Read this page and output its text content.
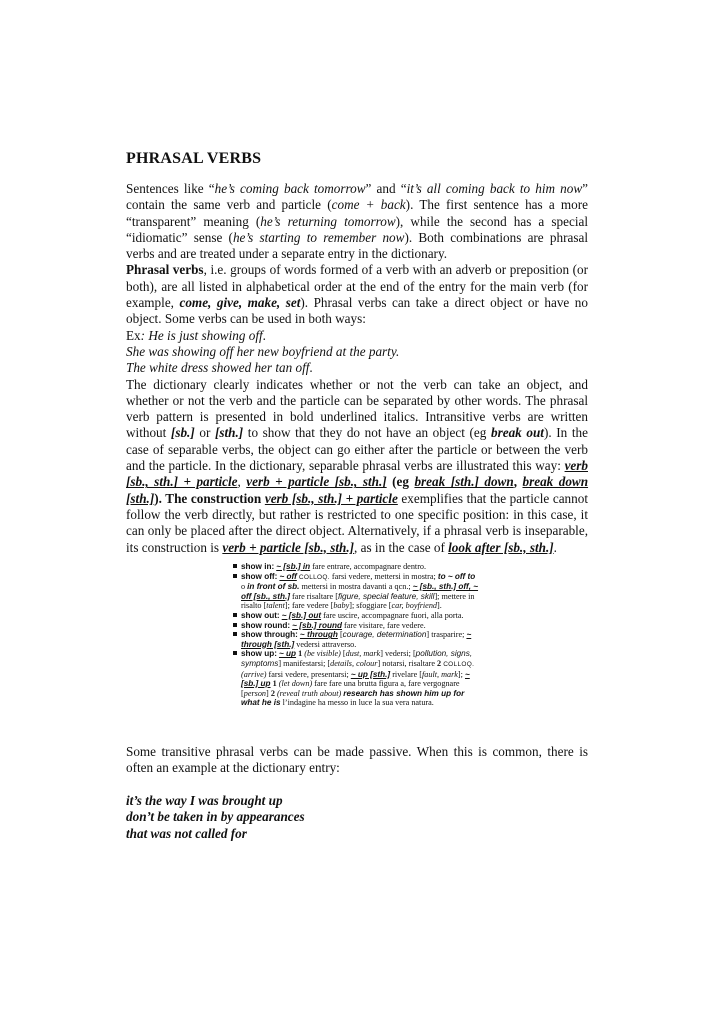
PHRASAL VERBS

Sentences like “he’s coming back tomorrow” and “it’s all coming back to him now” contain the same verb and particle (come + back). The first sentence has a more “transparent” meaning (he’s returning tomorrow), while the second has a special “idiomatic” sense (he’s starting to remember now). Both combinations are phrasal verbs and are treated under a separate entry in the dictionary.

Phrasal verbs, i.e. groups of words formed of a verb with an adverb or preposition (or both), are all listed in alphabetical order at the end of the entry for the main verb (for example, come, give, make, set). Phrasal verbs can take a direct object or have no object. Some verbs can be used in both ways:

Ex: He is just showing off.

She was showing off her new boyfriend at the party.

The white dress showed her tan off.

The dictionary clearly indicates whether or not the verb can take an object, and whether or not the verb and the particle can be separated by other words. The phrasal verb pattern is presented in bold underlined italics. Intransitive verbs are written without [sb.] or [sth.] to show that they do not have an object (eg break out). In the case of separable verbs, the object can go either after the particle or between the verb and the particle. In the dictionary, separable phrasal verbs are illustrated this way: verb [sb., sth.] + particle, verb + particle [sb., sth.] (eg break [sth.] down, break down [sth.]). The construction verb [sb., sth.] + particle exemplifies that the particle cannot follow the verb directly, but rather is restricted to one specific position: in this case, it can only be placed after the direct object. Alternatively, if a phrasal verb is inseparable, its construction is verb + particle [sb., sth.], as in the case of look after [sb., sth.].

show in: ~ [sb.] in fare entrare, accompagnare dentro.

show off: ~ off COLLOQ. farsi vedere, mettersi in mostra; to ~ off to o in front of sb. mettersi in mostra davanti a qcn.; ~ [sb., sth.] off, ~ off [sb., sth.] fare risaltare [figure, special feature, skill]; mettere in risalto [talent]; fare vedere [baby]; sfoggiare [car, boyfriend].

show out: ~ [sb.] out fare uscire, accompagnare fuori, alla porta.

show round: ~ [sb.] round fare visitare, fare vedere.

show through: ~ through [courage, determination] trasparire; ~ through [sth.] vedersi attraverso.

show up: ~ up 1 (be visible) [dust, mark] vedersi; [pollution, signs, symptoms] manifestarsi; [details, colour] notarsi, risaltare 2 COLLOQ. (arrive) farsi vedere, presentarsi; ~ up [sth.] rivelare [fault, mark]; ~ [sb.] up 1 (let down) fare fare una brutta figura a, fare vergognare [person] 2 (reveal truth about) research has shown him up for what he is l’indagine ha messo in luce la sua vera natura.

Some transitive phrasal verbs can be made passive. When this is common, there is often an example at the dictionary entry:

it’s the way I was brought up
don’t be taken in by appearances
that was not called for
